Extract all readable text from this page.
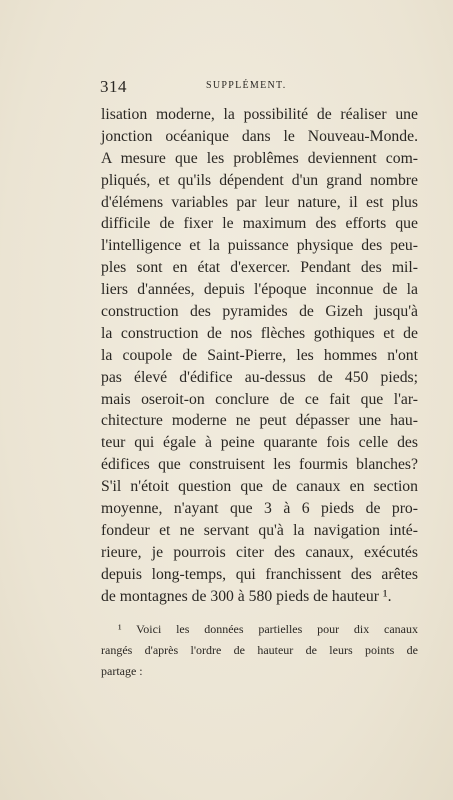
314	SUPPLÉMENT.
lisation moderne, la possibilité de réaliser une
jonction océanique dans le Nouveau-Monde.
A mesure que les problêmes deviennent com-
pliqués, et qu'ils dépendent d'un grand nombre
d'élémens variables par leur nature, il est plus
difficile de fixer le maximum des efforts que
l'intelligence et la puissance physique des peu-
ples sont en état d'exercer. Pendant des mil-
liers d'années, depuis l'époque inconnue de la
construction des pyramides de Gizeh jusqu'à
la construction de nos flèches gothiques et de
la coupole de Saint-Pierre, les hommes n'ont
pas élevé d'édifice au-dessus de 450 pieds;
mais oseroit-on conclure de ce fait que l'ar-
chitecture moderne ne peut dépasser une hau-
teur qui égale à peine quarante fois celle des
édifices que construisent les fourmis blanches?
S'il n'étoit question que de canaux en section
moyenne, n'ayant que 3 à 6 pieds de pro-
fondeur et ne servant qu'à la navigation inté-
rieure, je pourrois citer des canaux, exécutés
depuis long-temps, qui franchissent des arêtes
de montagnes de 300 à 580 pieds de hauteur ¹.
¹ Voici les données partielles pour dix canaux
rangés d'après l'ordre de hauteur de leurs points de
partage :
